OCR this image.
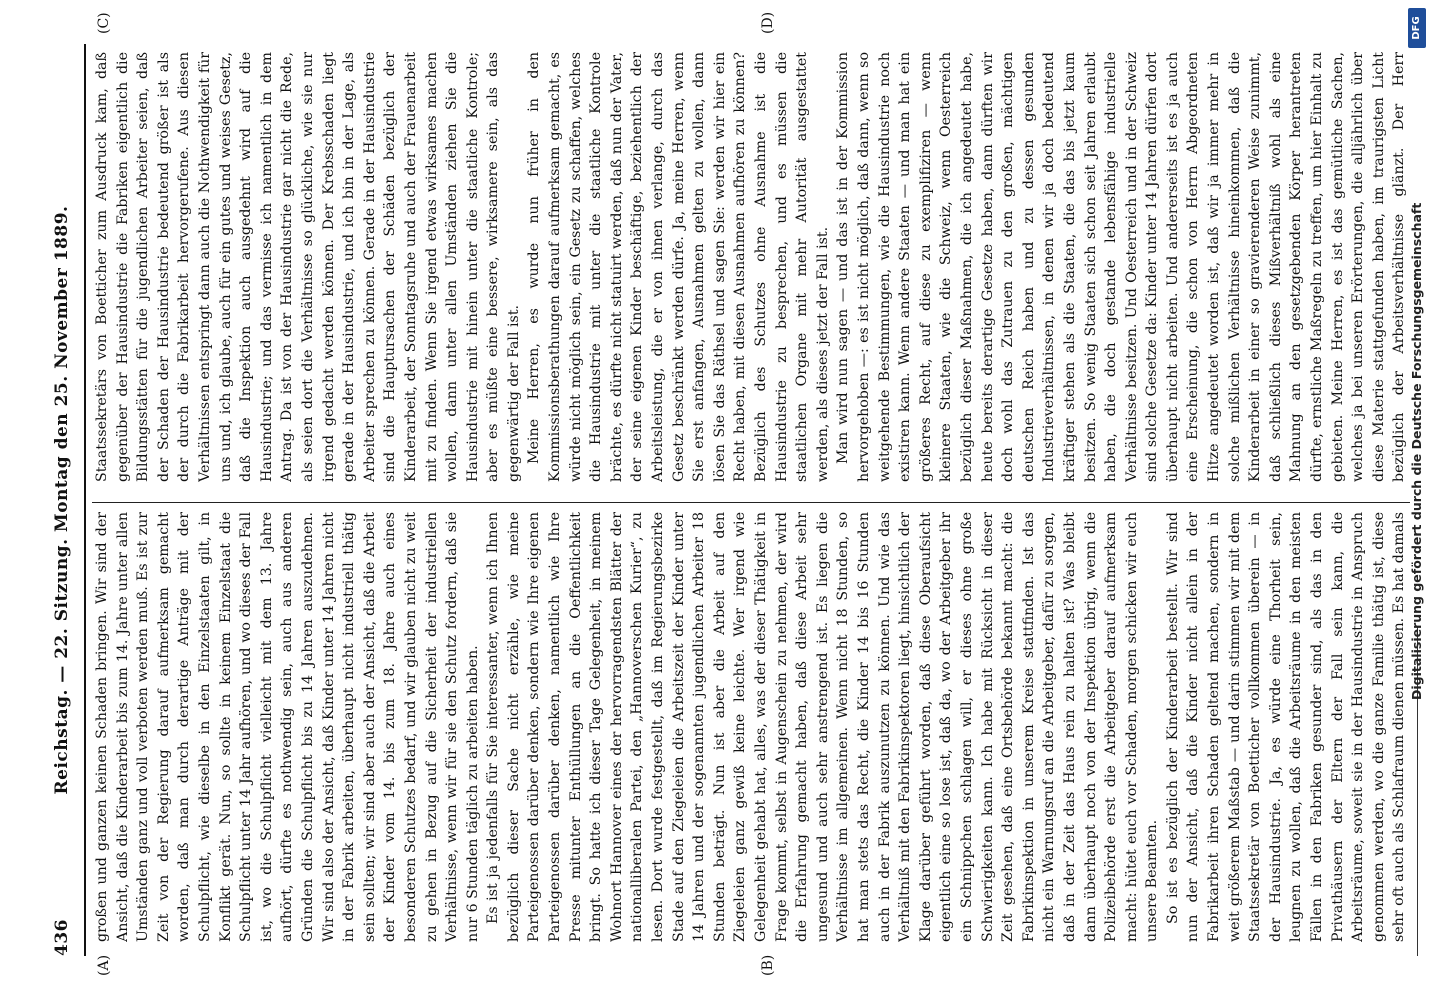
436
Reichstag. — 22. Sitzung. Montag den 25. November 1889.
(A)	(B)
(C)	(D)

großen und ganzen keinen Schaden bringen. Wir sind der Ansicht, daß die Kinderarbeit bis zum 14. Jahre unter allen Umständen ganz und voll verboten werden muß. Es ist zur Zeit von der Regierung darauf aufmerksam gemacht worden, daß man durch derartige Anträge mit der Schulpflicht, wie dieselbe in den Einzelstaaten gilt, in Konflikt gerät. Nun, so sollte in keinem Einzelstaat die Schulpflicht unter 14 Jahr aufhören, und wo dieses der Fall ist, wo die Schulpflicht vielleicht mit dem 13. Jahre aufhört, dürfte es nothwendig sein, auch aus anderen Gründen die Schulpflicht bis zu 14 Jahren auszudehnen. Wir sind also der Ansicht, daß Kinder unter 14 Jahren nicht in der Fabrik arbeiten, überhaupt nicht industriell thätig sein sollten; wir sind aber auch der Ansicht, daß die Arbeit der Kinder vom 14. bis zum 18. Jahre auch eines besonderen Schutzes bedarf, und wir glauben nicht zu weit zu gehen in Bezug auf die Sicherheit der industriellen Verhältnisse, wenn wir für sie den Schutz fordern, daß sie nur 6 Stunden täglich zu arbeiten haben. Es ist ja jedenfalls für Sie interessanter, wenn ich Ihnen bezüglich dieser Sache nicht erzähle, wie meine Parteigenossen darüber denken, sondern wie Ihre eigenen Parteigenossen darüber denken, namentlich wie Ihre Presse mitunter Enthüllungen an die Oeffentlichkeit bringt. So hatte ich dieser Tage Gelegenheit, in meinem Wohnort Hannover eines der hervorragendsten Blätter der nationalliberalen Partei, den „Hannoverschen Kurier“, zu lesen. Dort wurde festgestellt, daß im Regierungsbezirke Stade auf den Ziegeleien die Arbeitszeit der Kinder unter 14 Jahren und der sogenannten jugendlichen Arbeiter 18 Stunden beträgt. Nun ist aber die Arbeit auf den Ziegeleien ganz gewiß keine leichte. Wer irgend wie Gelegenheit gehabt hat, alles, was der dieser Thätigkeit in Frage kommt, selbst in Augenschein zu nehmen, der wird die Erfahrung gemacht haben, daß diese Arbeit sehr ungesund und auch sehr anstrengend ist. Es liegen die Verhältnisse im allgemeinen. Wenn nicht 18 Stunden, so hat man stets das Recht, die Kinder 14 bis 16 Stunden auch in der Fabrik auszunutzen zu können. Und wie das Verhältniß mit den Fabrikinspektoren liegt, hinsichtlich der Klage darüber geführt worden, daß diese Oberaufsicht eigentlich eine so lose ist, daß da, wo der Arbeitgeber ihr ein Schnippchen schlagen will, er dieses ohne große Schwierigkeiten kann. Ich habe mit Rücksicht in dieser Zeit gesehen, daß eine Ortsbehörde bekannt macht: die Fabrikinspektion in unserem Kreise stattfinden. Ist das nicht ein Warnungsruf an die Arbeitgeber, dafür zu sorgen, daß in der Zeit das Haus rein zu halten ist? Was bleibt dann überhaupt noch von der Inspektion übrig, wenn die Polizeibehörde erst die Arbeitgeber darauf aufmerksam macht: hütet euch vor Schaden, morgen schicken wir euch unsere Beamten. So ist es bezüglich der Kinderarbeit bestellt. Wir sind nun der Ansicht, daß die Kinder nicht allein in der Fabrikarbeit ihren Schaden geltend machen, sondern in weit größerem Maßstab — und darin stimmen wir mit dem Staatssekretär von Boetticher vollkommen überein — in der Hausindustrie. Ja, es würde eine Thorheit sein, leugnen zu wollen, daß die Arbeitsräume in den meisten Fällen in den Fabriken gesunder sind, als das in den Privathäusern der Eltern der Fall sein kann, die Arbeitsräume, soweit sie in der Hausindustrie in Anspruch genommen werden, wo die ganze Familie thätig ist, diese sehr oft auch als Schlafraum dienen müssen. Es hat damals

Staatssekretärs von Boetticher zum Ausdruck kam, daß gegenüber der Hausindustrie die Fabriken eigentlich die Bildungsstätten für die jugendlichen Arbeiter seien, daß der Schaden der Hausindustrie bedeutend größer ist als der durch die Fabrikarbeit hervorgerufene. Aus diesen Verhältnissen entspringt dann auch die Nothwendigkeit für uns und, ich glaube, auch für ein gutes und weises Gesetz, daß die Inspektion auch ausgedehnt wird auf die Hausindustrie; und das vermisse ich namentlich in dem Antrag. Da ist von der Hausindustrie gar nicht die Rede, als seien dort die Verhältnisse so glückliche, wie sie nur irgend gedacht werden können. Der Krebsschaden liegt gerade in der Hausindustrie, und ich bin in der Lage, als Arbeiter sprechen zu können. Gerade in der Hausindustrie sind die Hauptursachen der Schäden bezüglich der Kinderarbeit, der Sonntagsruhe und auch der Frauenarbeit mit zu finden. Wenn Sie irgend etwas wirksames machen wollen, dann unter allen Umständen ziehen Sie die Hausindustrie mit hinein unter die staatliche Kontrole; aber es müßte eine bessere, wirksamere sein, als das gegenwärtig der Fall ist. Meine Herren, es wurde nun früher in den Kommissionsberathungen darauf aufmerksam gemacht, es würde nicht möglich sein, ein Gesetz zu schaffen, welches die Hausindustrie mit unter die staatliche Kontrole brächte, es dürfte nicht statuirt werden, daß nun der Vater, der seine eigenen Kinder beschäftige, beziehentlich der Arbeitsleistung, die er von ihnen verlange, durch das Gesetz beschränkt werden dürfe. Ja, meine Herren, wenn Sie erst anfangen, Ausnahmen gelten zu wollen, dann lösen Sie das Räthsel und sagen Sie: werden wir hier ein Recht haben, mit diesen Ausnahmen aufhören zu können? Bezüglich des Schutzes ohne Ausnahme ist die Hausindustrie zu besprechen, und es müssen die staatlichen Organe mit mehr Autorität ausgestattet werden, als dieses jetzt der Fall ist. Man wird nun sagen — und das ist in der Kommission hervorgehoben —: es ist nicht möglich, daß dann, wenn so weitgehende Bestimmungen, wie die Hausindustrie noch existiren kann. Wenn andere Staaten — und man hat ein größeres Recht, auf diese zu exemplifiziren — wenn kleinere Staaten, wie die Schweiz, wenn Oesterreich bezüglich dieser Maßnahmen, die ich angedeutet habe, heute bereits derartige Gesetze haben, dann dürften wir doch wohl das Zutrauen zu den großen, mächtigen deutschen Reich haben und zu dessen gesunden Industrieverhältnissen, in denen wir ja doch bedeutend kräftiger stehen als die Staaten, die das bis jetzt kaum besitzen. So wenig Staaten sich schon seit Jahren erlaubt haben, die doch gestande lebensfähige industrielle Verhältnisse besitzen. Und Oesterreich und in der Schweiz sind solche Gesetze da: Kinder unter 14 Jahren dürfen dort überhaupt nicht arbeiten. Und andererseits ist es ja auch eine Erscheinung, die schon von Herrn Abgeordneten Hitze angedeutet worden ist, daß wir ja immer mehr in solche mißlichen Verhältnisse hineinkommen, daß die Kinderarbeit in einer so gravierenderen Weise zunimmt, daß schließlich dieses Mißverhältniß wohl als eine Mahnung an den gesetzgebenden Körper herantreten dürfte, ernstliche Maßregeln zu treffen, um hier Einhalt zu gebieten. Meine Herren, es ist das gemütliche Sachen, welches ja bei unseren Erörterungen, die alljährlich über diese Materie stattgefunden haben, im traurigsten Licht bezüglich der Arbeitsverhältnisse glänzt. Der Herr

Digitalisierung gefördert durch die Deutsche Forschungsgemeinschaft
DFG
